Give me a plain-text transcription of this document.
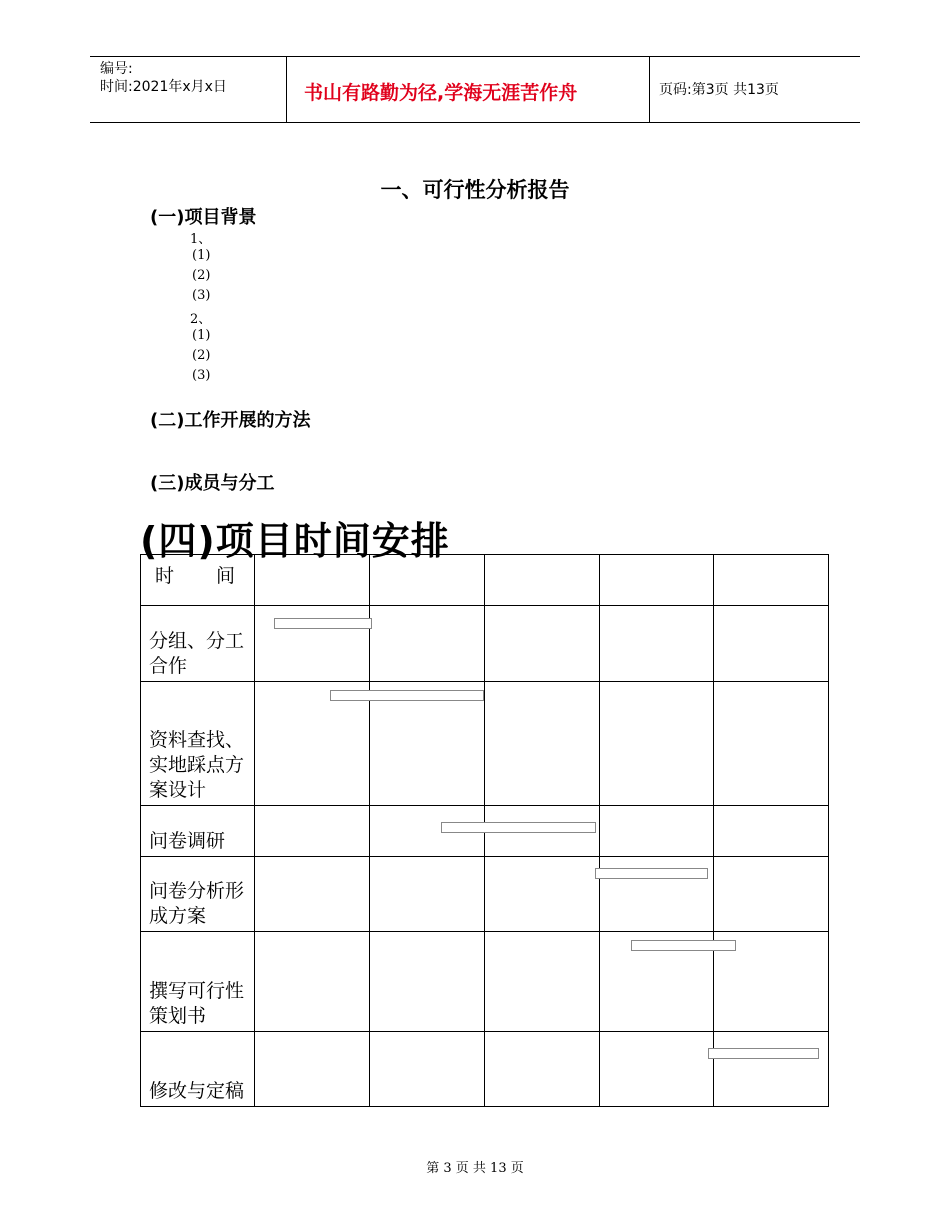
编号:
时间:2021年x月x日	书山有路勤为径,学海无涯苦作舟	页码:第3页 共13页
一、可行性分析报告
(一)项目背景
1、
(1)
(2)
(3)
2、
(1)
(2)
(3)
(二)工作开展的方法
(三)成员与分工
(四)项目时间安排
时 间					
分组、分工合作					
资料查找、实地踩点方案设计					
问卷调研					
问卷分析形成方案					
撰写可行性策划书					
修改与定稿					
第 3 页 共 13 页
